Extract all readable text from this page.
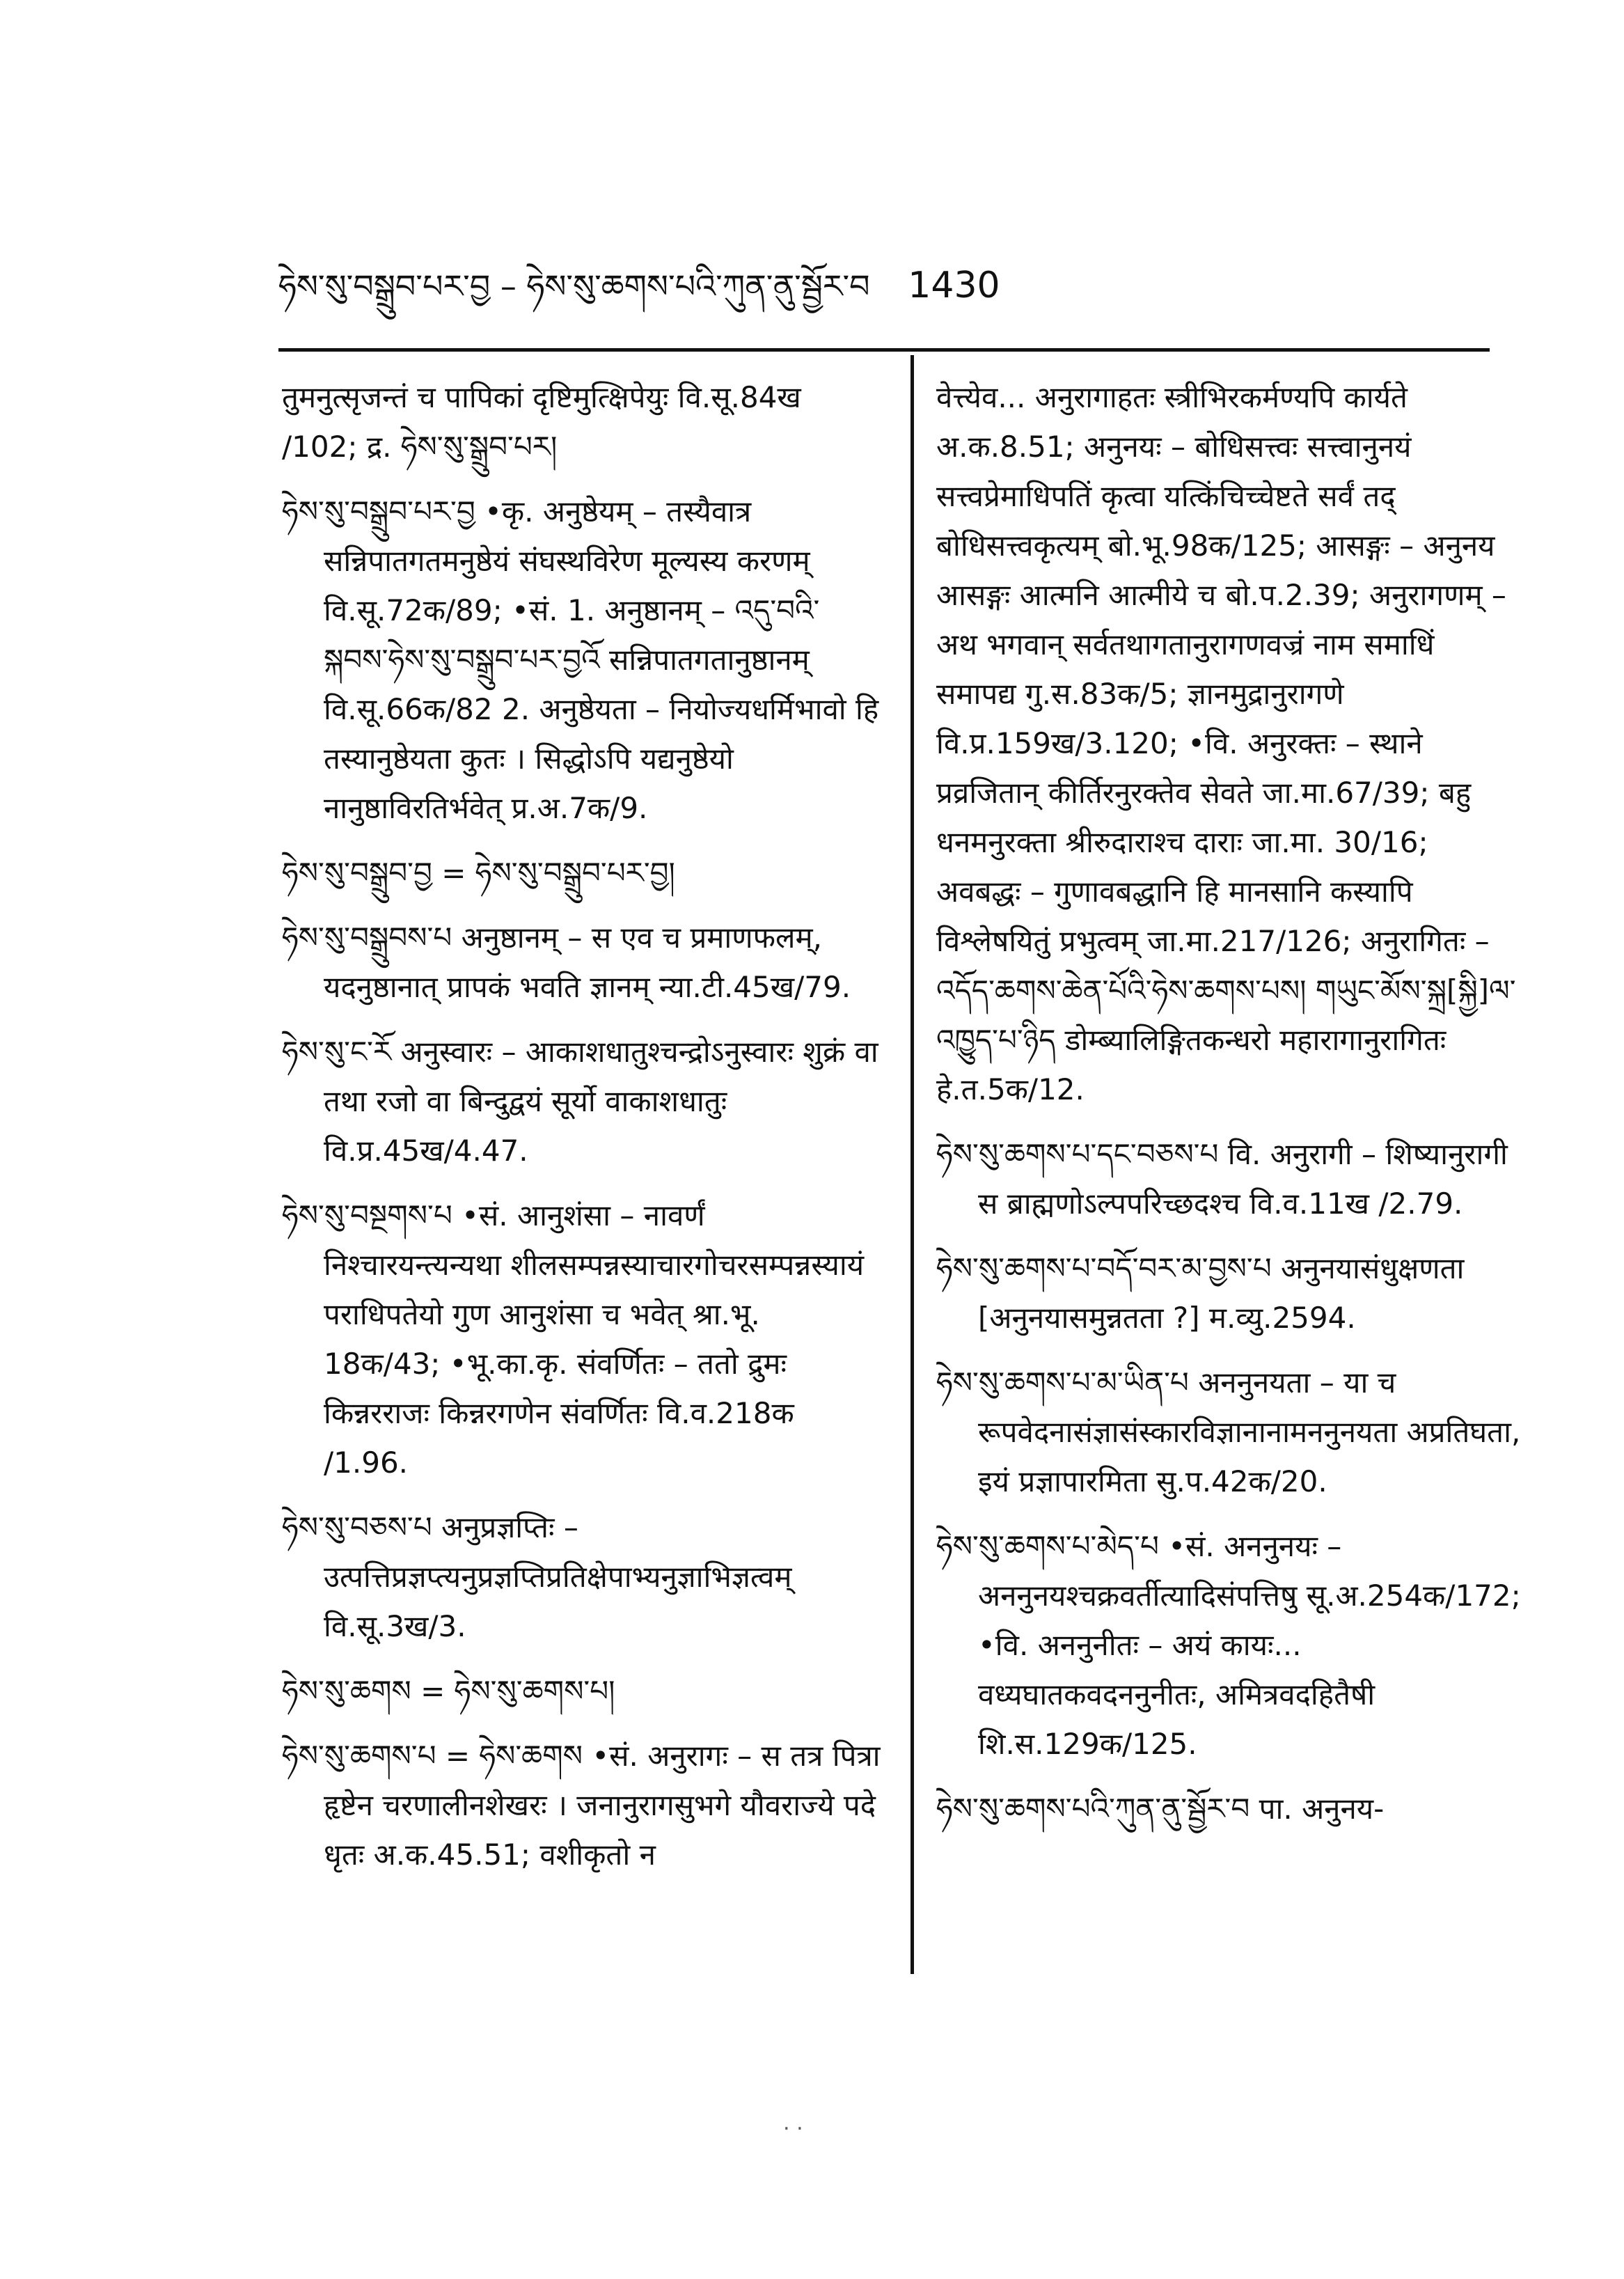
ཧེས་སུ་བསྒྲུབ་པར་བྱ – ཧེས་སུ་ཆགས་པའི་ཀུན་ནུ་སྦྱོར་བ 1430

तुमनुत्सृजन्तं च पापिकां दृष्टिमुत्क्षिपेयुः वि.सू.84ख /102; द्र. ཧེས་སུ་སྒྲུབ་པར།

ཧེས་སུ་བསྒྲུབ་པར་བྱ •कृ. अनुष्ठेयम् – तस्यैवात्र सन्निपातगतमनुष्ठेयं संघस्थविरेण मूल्यस्य करणम् वि.सू.72क/89; •सं. 1. अनुष्ठानम् – འདུ་བའི་ སྐབས་ཧེས་སུ་བསྒྲུབ་པར་བྱའོ सन्निपातगतानुष्ठानम् वि.सू.66क/82 2. अनुष्ठेयता – नियोज्यधर्मिभावो हि तस्यानुष्ठेयता कुतः । सिद्धोऽपि यद्यनुष्ठेयो नानुष्ठाविरतिर्भवेत् प्र.अ.7क/9.

ཧེས་སུ་བསྒྲུབ་བྱ = ཧེས་སུ་བསྒྲུབ་པར་བྱ།

ཧེས་སུ་བསྒྲུབས་པ अनुष्ठानम् – स एव च प्रमाणफलम्, यदनुष्ठानात् प्रापकं भवति ज्ञानम् न्या.टी.45ख/79.

ཧེས་སུ་ང་རོ अनुस्वारः – आकाशधातुश्चन्द्रोऽनुस्वारः शुक्रं वा तथा रजो वा बिन्दुद्वयं सूर्यो वाकाशधातुः वि.प्र.45ख/4.47.

ཧེས་སུ་བསྔགས་པ •सं. आनुशंसा – नावर्णं निश्चारयन्त्यन्यथा शीलसम्पन्नस्याचारगोचरसम्पन्नस्यायं पराधिपतेयो गुण आनुशंसा च भवेत् श्रा.भू. 18क/43; •भू.का.कृ. संवर्णितः – ततो द्रुमः किन्नरराजः किन्नरगणेन संवर्णितः वि.व.218क /1.96.

ཧེས་སུ་བཅས་པ अनुप्रज्ञप्तिः – उत्पत्तिप्रज्ञप्त्यनुप्रज्ञप्तिप्रतिक्षेपाभ्यनुज्ञाभिज्ञत्वम् वि.सू.3ख/3.

ཧེས་སུ་ཆགས = ཧེས་སུ་ཆགས་པ།

ཧེས་སུ་ཆགས་པ = ཧེས་ཆགས •सं. अनुरागः – स तत्र पित्रा हृष्टेन चरणालीनशेखरः । जनानुरागसुभगे यौवराज्ये पदे धृतः अ.क.45.51; वशीकृतो न

वेत्त्येव... अनुरागाहतः स्त्रीभिरकर्मण्यपि कार्यते अ.क.8.51; अनुनयः – बोधिसत्त्वः सत्त्वानुनयं सत्त्वप्रेमाधिपतिं कृत्वा यत्किंचिच्चेष्टते सर्वं तद् बोधिसत्त्वकृत्यम् बो.भू.98क/125; आसङ्गः – अनुनय आसङ्गः आत्मनि आत्मीये च बो.प.2.39; अनुरागणम् – अथ भगवान् सर्वतथागतानुरागणवज्रं नाम समाधिं समापद्य गु.स.83क/5; ज्ञानमुद्रानुरागणे वि.प्र.159ख/3.120; •वि. अनुरक्तः – स्थाने प्रव्रजितान् कीर्तिरनुरक्तेव सेवते जा.मा.67/39; बहु धनमनुरक्ता श्रीरुदाराश्च दाराः जा.मा. 30/16; अवबद्धः – गुणावबद्धानि हि मानसानि कस्यापि विश्लेषयितुं प्रभुत्वम् जा.मा.217/126; अनुरागितः – འདོད་ཆགས་ཆེན་པོའི་ཧེས་ཆགས་པས། གཡུང་མོས་སྐྲ[སྐྱི]ལ་འཁྱུད་པ་ཉིད डोम्ब्यालिङ्गितकन्धरो महारागानुरागितः हे.त.5क/12.

ཧེས་སུ་ཆགས་པ་དང་བཅས་པ वि. अनुरागी – शिष्यानुरागी स ब्राह्मणोऽल्पपरिच्छदश्च वि.व.11ख /2.79.

ཧེས་སུ་ཆགས་པ་བདོ་བར་མ་བྱས་པ अनुनयासंधुक्षणता [अनुनयासमुन्नतता ?] म.व्यु.2594.

ཧེས་སུ་ཆགས་པ་མ་ཡིན་པ अननुनयता – या च रूपवेदनासंज्ञासंस्कारविज्ञानानामननुनयता अप्रतिघता, इयं प्रज्ञापारमिता सु.प.42क/20.

ཧེས་སུ་ཆགས་པ་མེད་པ •सं. अननुनयः – अननुनयश्चक्रवर्तीत्यादिसंपत्तिषु सू.अ.254क/172; •वि. अननुनीतः – अयं कायः... वध्यघातकवदननुनीतः, अमित्रवदहितैषी शि.स.129क/125.

ཧེས་སུ་ཆགས་པའི་ཀུན་ནུ་སྦྱོར་བ पा. अनुनय-

· ·
